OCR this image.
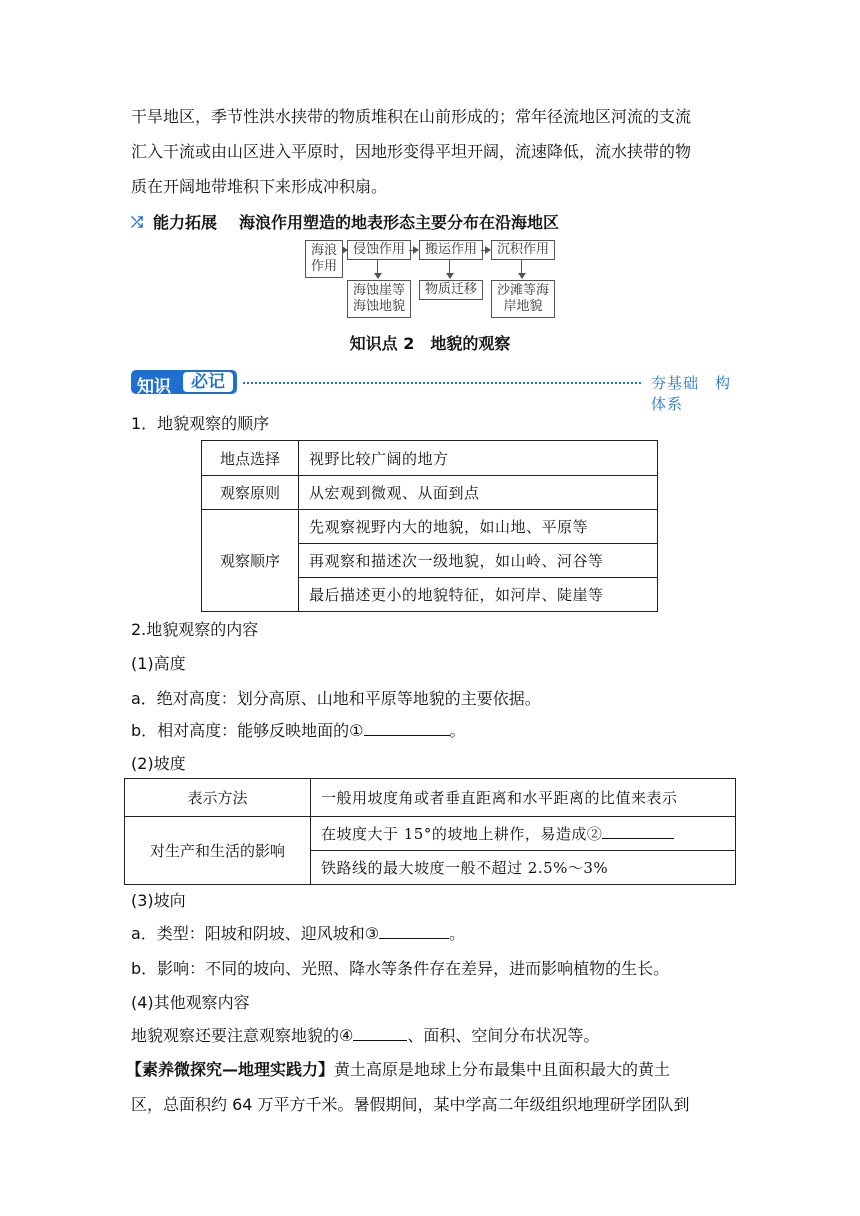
干旱地区，季节性洪水挟带的物质堆积在山前形成的；常年径流地区河流的支流
汇入干流或由山区进入平原时，因地形变得平坦开阔，流速降低，流水挟带的物
质在开阔地带堆积下来形成冲积扇。
⤮ 能力拓展 海浪作用塑造的地表形态主要分布在沿海地区
海浪作用
侵蚀作用	搬运作用	沉积作用
海蚀崖等海蚀地貌
物质迁移	沙滩等海岸地貌
知识点 2　地貌的观察
知识	必记	夯基础　构体系
1．地貌观察的顺序
地点选择	视野比较广阔的地方
观察原则	从宏观到微观、从面到点
观察顺序	先观察视野内大的地貌，如山地、平原等
	再观察和描述次一级地貌，如山岭、河谷等
	最后描述更小的地貌特征，如河岸、陡崖等
2.地貌观察的内容
(1)高度
a．绝对高度：划分高原、山地和平原等地貌的主要依据。
b．相对高度：能够反映地面的①	。
(2)坡度
表示方法	一般用坡度角或者垂直距离和水平距离的比值来表示
对生产和生活的影响	在坡度大于 15°的坡地上耕作，易造成②
	铁路线的最大坡度一般不超过 2.5%～3%
(3)坡向
a．类型：阳坡和阴坡、迎风坡和③	。
b．影响：不同的坡向、光照、降水等条件存在差异，进而影响植物的生长。
(4)其他观察内容
地貌观察还要注意观察地貌的④	、面积、空间分布状况等。
【素养微探究—地理实践力】黄土高原是地球上分布最集中且面积最大的黄土
区，总面积约 64 万平方千米。暑假期间，某中学高二年级组织地理研学团队到
